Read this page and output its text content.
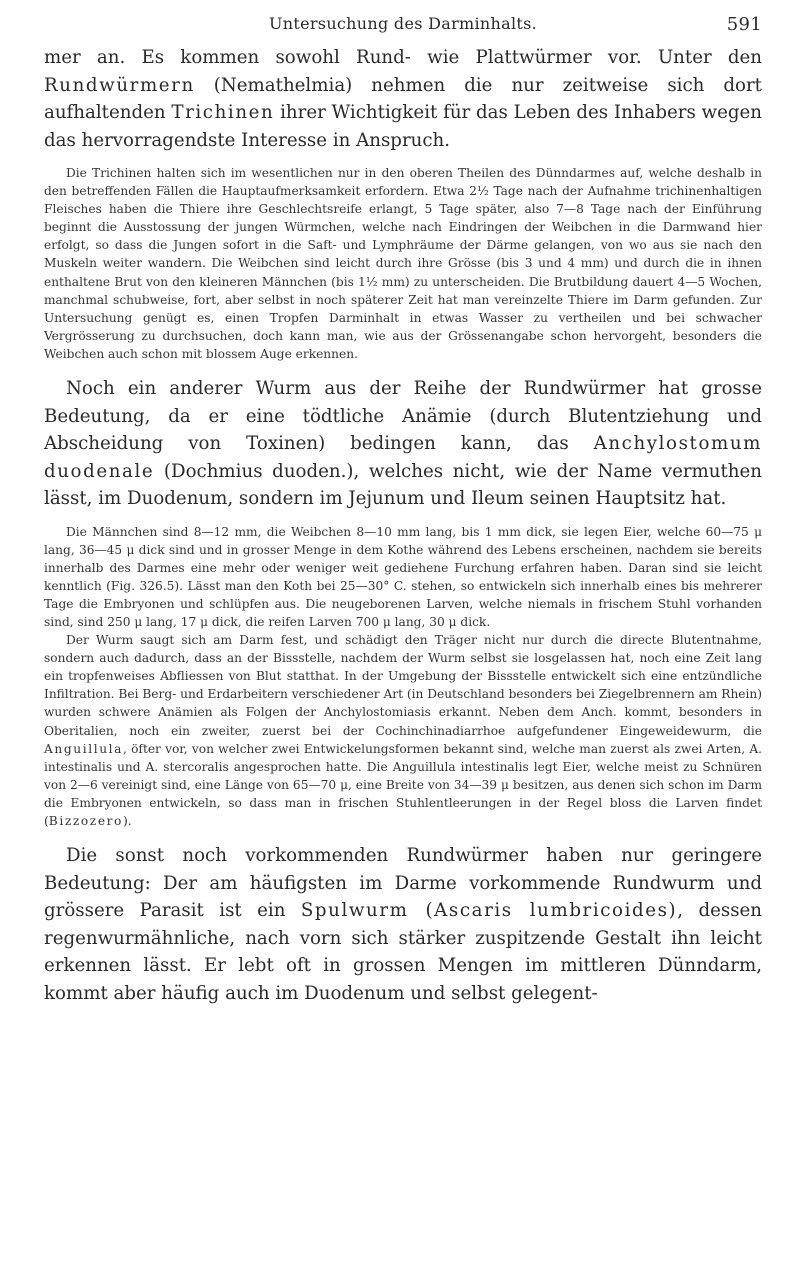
Untersuchung des Darminhalts.	591

mer an. Es kommen sowohl Rund- wie Plattwürmer vor. Unter den Rundwürmern (Nemathelmia) nehmen die nur zeitweise sich dort aufhaltenden Trichinen ihrer Wichtigkeit für das Leben des Inhabers wegen das hervorragendste Interesse in Anspruch.

Die Trichinen halten sich im wesentlichen nur in den oberen Theilen des Dünndarmes auf, welche deshalb in den betreffenden Fällen die Hauptaufmerksamkeit erfordern. Etwa 2½ Tage nach der Aufnahme trichinenhaltigen Fleisches haben die Thiere ihre Geschlechtsreife erlangt, 5 Tage später, also 7—8 Tage nach der Einführung beginnt die Ausstossung der jungen Würmchen, welche nach Eindringen der Weibchen in die Darmwand hier erfolgt, so dass die Jungen sofort in die Saft- und Lymphräume der Därme gelangen, von wo aus sie nach den Muskeln weiter wandern. Die Weibchen sind leicht durch ihre Grösse (bis 3 und 4 mm) und durch die in ihnen enthaltene Brut von den kleineren Männchen (bis 1½ mm) zu unterscheiden. Die Brutbildung dauert 4—5 Wochen, manchmal schubweise, fort, aber selbst in noch späterer Zeit hat man vereinzelte Thiere im Darm gefunden. Zur Untersuchung genügt es, einen Tropfen Darminhalt in etwas Wasser zu vertheilen und bei schwacher Vergrösserung zu durchsuchen, doch kann man, wie aus der Grössenangabe schon hervorgeht, besonders die Weibchen auch schon mit blossem Auge erkennen.

Noch ein anderer Wurm aus der Reihe der Rundwürmer hat grosse Bedeutung, da er eine tödtliche Anämie (durch Blutentziehung und Abscheidung von Toxinen) bedingen kann, das Anchylostomum duodenale (Dochmius duoden.), welches nicht, wie der Name vermuthen lässt, im Duodenum, sondern im Jejunum und Ileum seinen Hauptsitz hat.

Die Männchen sind 8—12 mm, die Weibchen 8—10 mm lang, bis 1 mm dick, sie legen Eier, welche 60—75 μ lang, 36—45 μ dick sind und in grosser Menge in dem Kothe während des Lebens erscheinen, nachdem sie bereits innerhalb des Darmes eine mehr oder weniger weit gediehene Furchung erfahren haben. Daran sind sie leicht kenntlich (Fig. 326.5). Lässt man den Koth bei 25—30° C. stehen, so entwickeln sich innerhalb eines bis mehrerer Tage die Embryonen und schlüpfen aus. Die neugeborenen Larven, welche niemals in frischem Stuhl vorhanden sind, sind 250 μ lang, 17 μ dick, die reifen Larven 700 μ lang, 30 μ dick.

Der Wurm saugt sich am Darm fest, und schädigt den Träger nicht nur durch die directe Blutentnahme, sondern auch dadurch, dass an der Bissstelle, nachdem der Wurm selbst sie losgelassen hat, noch eine Zeit lang ein tropfenweises Abfliessen von Blut statthat. In der Umgebung der Bissstelle entwickelt sich eine entzündliche Infiltration. Bei Berg- und Erdarbeitern verschiedener Art (in Deutschland besonders bei Ziegelbrennern am Rhein) wurden schwere Anämien als Folgen der Anchylostomiasis erkannt. Neben dem Anch. kommt, besonders in Oberitalien, noch ein zweiter, zuerst bei der Cochinchinadiarrhoe aufgefundener Eingeweidewurm, die Anguillula, öfter vor, von welcher zwei Entwickelungsformen bekannt sind, welche man zuerst als zwei Arten, A. intestinalis und A. stercoralis angesprochen hatte. Die Anguillula intestinalis legt Eier, welche meist zu Schnüren von 2—6 vereinigt sind, eine Länge von 65—70 μ, eine Breite von 34—39 μ besitzen, aus denen sich schon im Darm die Embryonen entwickeln, so dass man in frischen Stuhlentleerungen in der Regel bloss die Larven findet (Bizzozero).

Die sonst noch vorkommenden Rundwürmer haben nur geringere Bedeutung: Der am häufigsten im Darme vorkommende Rundwurm und grössere Parasit ist ein Spulwurm (Ascaris lumbricoides), dessen regenwurmähnliche, nach vorn sich stärker zuspitzende Gestalt ihn leicht erkennen lässt. Er lebt oft in grossen Mengen im mittleren Dünndarm, kommt aber häufig auch im Duodenum und selbst gelegent-
